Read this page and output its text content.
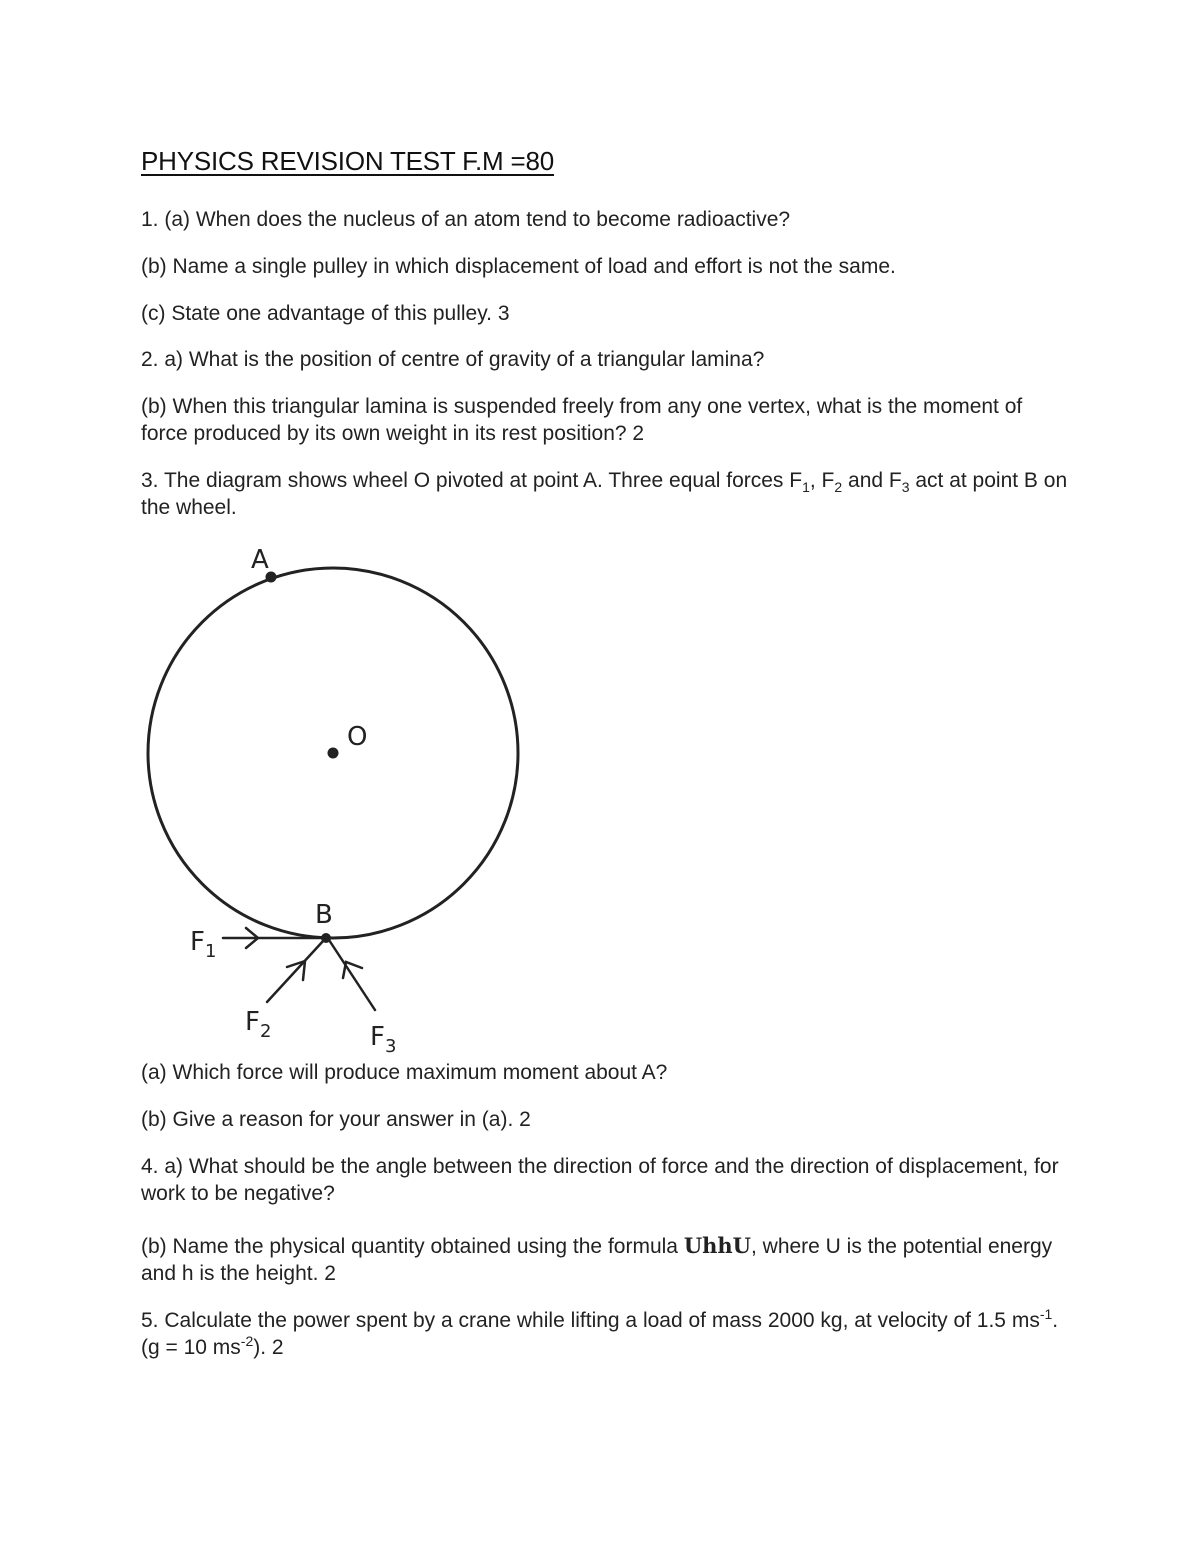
PHYSICS REVISION TEST F.M =80
1. (a) When does the nucleus of an atom tend to become radioactive?
(b) Name a single pulley in which displacement of load and effort is not the same.
(c) State one advantage of this pulley. 3
2. a) What is the position of centre of gravity of a triangular lamina?
(b) When this triangular lamina is suspended freely from any one vertex, what is the moment of force produced by its own weight in its rest position? 2
3. The diagram shows wheel O pivoted at point A. Three equal forces $F_1$, $F_2$ and $F_3$ act at point B on the wheel.
A
O
B
$F_1$
$F_2$	$F_3$
(a) Which force will produce maximum moment about A?
(b) Give a reason for your answer in (a). 2
4. a) What should be the angle between the direction of force and the direction of displacement, for work to be negative?
(b) Name the physical quantity obtained using the formula UhhU, where U is the potential energy and h is the height. 2
5. Calculate the power spent by a crane while lifting a load of mass 2000 kg, at velocity of 1.5 $ms^{-1}$. (g = 10 $ms^{-2}$). 2
